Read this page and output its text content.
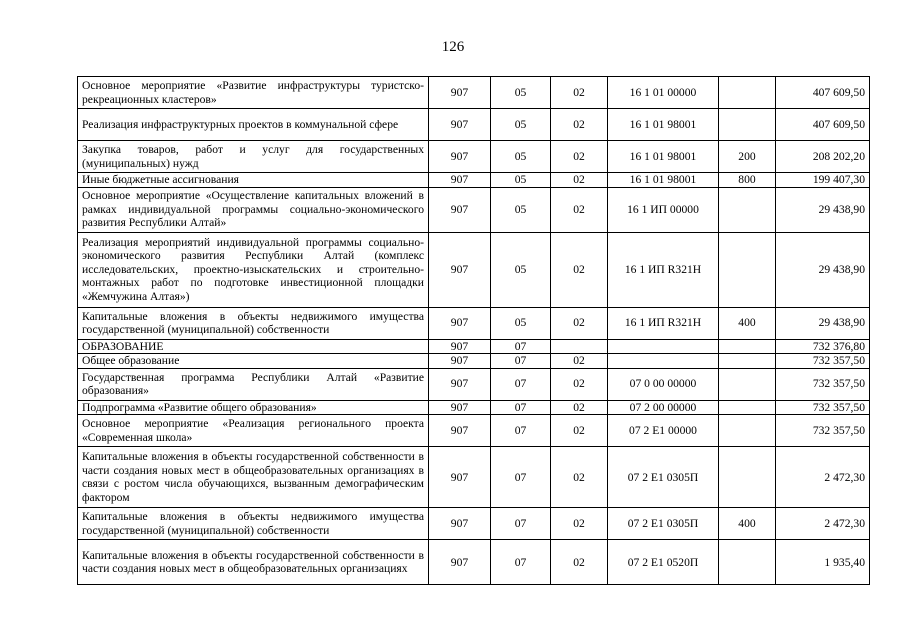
126
Основное мероприятие «Развитие инфраструктуры туристско-рекреационных кластеров»	907	05	02	16 1 01 00000		407 609,50
Реализация инфраструктурных проектов в коммунальной сфере	907	05	02	16 1 01 98001		407 609,50
Закупка товаров, работ и услуг для государственных (муниципальных) нужд	907	05	02	16 1 01 98001	200	208 202,20
Иные бюджетные ассигнования	907	05	02	16 1 01 98001	800	199 407,30
Основное мероприятие «Осуществление капитальных вложений в рамках индивидуальной программы социально-экономического развития Республики Алтай»	907	05	02	16 1 ИП 00000		29 438,90
Реализация мероприятий индивидуальной программы социально-экономического развития Республики Алтай (комплекс исследовательских, проектно-изыскательских и строительно-монтажных работ по подготовке инвестиционной площадки «Жемчужина Алтая»)	907	05	02	16 1 ИП R321Н		29 438,90
Капитальные вложения в объекты недвижимого имущества государственной (муниципальной) собственности	907	05	02	16 1 ИП R321Н	400	29 438,90
ОБРАЗОВАНИЕ	907	07				732 376,80
Общее образование	907	07	02			732 357,50
Государственная программа Республики Алтай «Развитие образования»	907	07	02	07 0 00 00000		732 357,50
Подпрограмма «Развитие общего образования»	907	07	02	07 2 00 00000		732 357,50
Основное мероприятие «Реализация регионального проекта «Современная школа»	907	07	02	07 2 E1 00000		732 357,50
Капитальные вложения в объекты государственной собственности в части создания новых мест в общеобразовательных организациях в связи с ростом числа обучающихся, вызванным демографическим фактором	907	07	02	07 2 E1 0305П		2 472,30
Капитальные вложения в объекты недвижимого имущества государственной (муниципальной) собственности	907	07	02	07 2 E1 0305П	400	2 472,30
Капитальные вложения в объекты государственной собственности в части создания новых мест в общеобразовательных организациях	907	07	02	07 2 E1 0520П		1 935,40
